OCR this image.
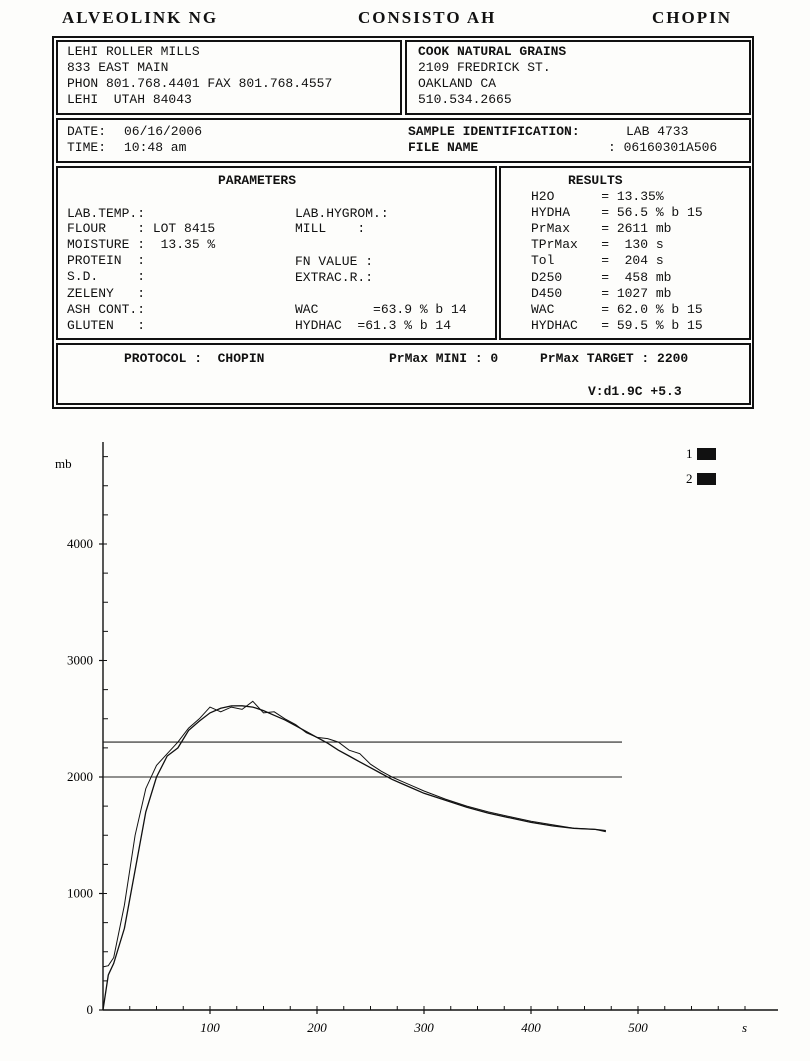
ALVEOLINK NG	CONSISTO AH	CHOPIN
LEHI ROLLER MILLS
833 EAST MAIN
PHON 801.768.4401 FAX 801.768.4557
LEHI  UTAH 84043
COOK NATURAL GRAINS
2109 FREDRICK ST.
OAKLAND CA
510.534.2665
DATE: 06/16/2006
TIME: 10:48 am
SAMPLE IDENTIFICATION:	LAB 4733
FILE NAME	: 06160301A506
PARAMETERS	RESULTS
LAB.TEMP.:
FLOUR    : LOT 8415
MOISTURE :  13.35 %
PROTEIN  :
S.D.     :
ZELENY   :
ASH CONT.:
GLUTEN   :
LAB.HYGROM.:
MILL    :
FN VALUE :
EXTRAC.R.:
WAC       =63.9 % b 14
HYDHAC  =61.3 % b 14
H2O      = 13.35%
HYDHA    = 56.5 % b 15
PrMax    = 2611 mb
TPrMax   =  130 s
Tol      =  204 s
D250     =  458 mb
D450     = 1027 mb
WAC      = 62.0 % b 15
HYDHAC   = 59.5 % b 15
PROTOCOL :  CHOPIN	PrMax MINI : 0	PrMax TARGET : 2200
V:d1.9C +5.3
mb
0
1000
2000
3000
4000
100	200	300	400	500	s
1
2
